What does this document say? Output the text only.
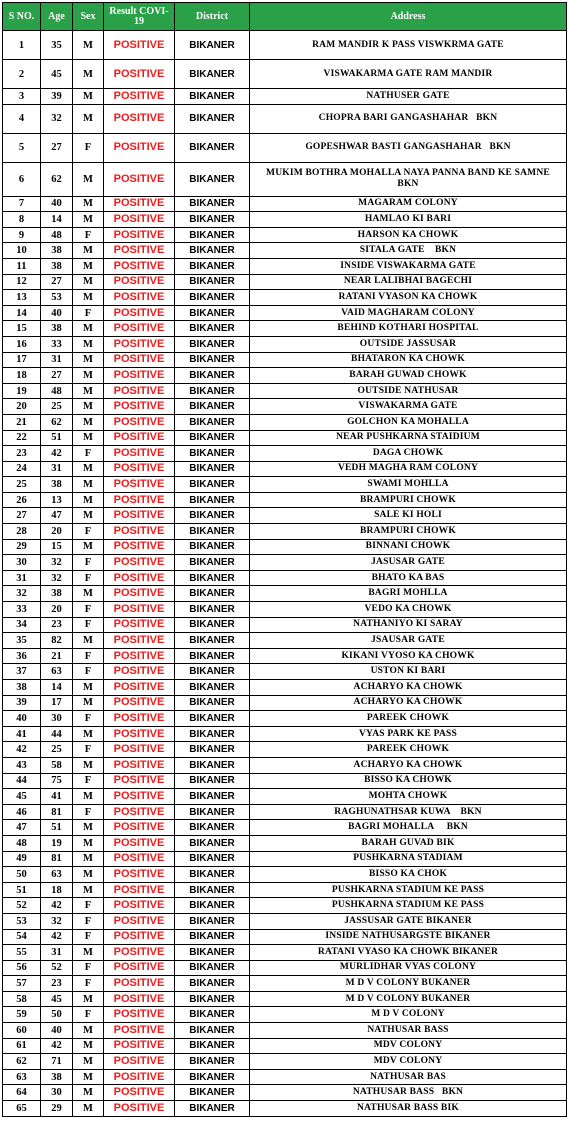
S NO.	Age	Sex	Result COVI-19	District	Address
1	35	M	POSITIVE	BIKANER	RAM MANDIR K PASS VISWKRMA GATE
2	45	M	POSITIVE	BIKANER	VISWAKARMA GATE RAM MANDIR
3	39	M	POSITIVE	BIKANER	NATHUSER GATE
4	32	M	POSITIVE	BIKANER	CHOPRA BARI GANGASHAHAR   BKN
5	27	F	POSITIVE	BIKANER	GOPESHWAR BASTI GANGASHAHAR   BKN
6	62	M	POSITIVE	BIKANER	MUKIM BOTHRA MOHALLA NAYA PANNA BAND KE SAMNE    BKN
7	40	M	POSITIVE	BIKANER	MAGARAM COLONY
8	14	M	POSITIVE	BIKANER	HAMLAO KI BARI
9	48	F	POSITIVE	BIKANER	HARSON KA CHOWK
10	38	M	POSITIVE	BIKANER	SITALA GATE    BKN
11	38	M	POSITIVE	BIKANER	INSIDE VISWAKARMA GATE
12	27	M	POSITIVE	BIKANER	NEAR LALIBHAI BAGECHI
13	53	M	POSITIVE	BIKANER	RATANI VYASON KA CHOWK
14	40	F	POSITIVE	BIKANER	VAID MAGHARAM COLONY
15	38	M	POSITIVE	BIKANER	BEHIND KOTHARI HOSPITAL
16	33	M	POSITIVE	BIKANER	OUTSIDE JASSUSAR
17	31	M	POSITIVE	BIKANER	BHATARON KA CHOWK
18	27	M	POSITIVE	BIKANER	BARAH GUWAD CHOWK
19	48	M	POSITIVE	BIKANER	OUTSIDE NATHUSAR
20	25	M	POSITIVE	BIKANER	VISWAKARMA GATE
21	62	M	POSITIVE	BIKANER	GOLCHON KA MOHALLA
22	51	M	POSITIVE	BIKANER	NEAR PUSHKARNA STAIDIUM
23	42	F	POSITIVE	BIKANER	DAGA CHOWK
24	31	M	POSITIVE	BIKANER	VEDH MAGHA RAM COLONY
25	38	M	POSITIVE	BIKANER	SWAMI MOHLLA
26	13	M	POSITIVE	BIKANER	BRAMPURI CHOWK
27	47	M	POSITIVE	BIKANER	SALE KI HOLI
28	20	F	POSITIVE	BIKANER	BRAMPURI CHOWK
29	15	M	POSITIVE	BIKANER	BINNANI CHOWK
30	32	F	POSITIVE	BIKANER	JASUSAR GATE
31	32	F	POSITIVE	BIKANER	BHATO KA BAS
32	38	M	POSITIVE	BIKANER	BAGRI MOHLLA
33	20	F	POSITIVE	BIKANER	VEDO KA CHOWK
34	23	F	POSITIVE	BIKANER	NATHANIYO KI SARAY
35	82	M	POSITIVE	BIKANER	JSAUSAR GATE
36	21	F	POSITIVE	BIKANER	KIKANI VYOSO KA CHOWK
37	63	F	POSITIVE	BIKANER	USTON KI BARI
38	14	M	POSITIVE	BIKANER	ACHARYO KA CHOWK
39	17	M	POSITIVE	BIKANER	ACHARYO KA CHOWK
40	30	F	POSITIVE	BIKANER	PAREEK CHOWK
41	44	M	POSITIVE	BIKANER	VYAS PARK KE PASS
42	25	F	POSITIVE	BIKANER	PAREEK CHOWK
43	58	M	POSITIVE	BIKANER	ACHARYO KA CHOWK
44	75	F	POSITIVE	BIKANER	BISSO KA CHOWK
45	41	M	POSITIVE	BIKANER	MOHTA CHOWK
46	81	F	POSITIVE	BIKANER	RAGHUNATHSAR KUWA    BKN
47	51	M	POSITIVE	BIKANER	BAGRI MOHALLA     BKN
48	19	M	POSITIVE	BIKANER	BARAH GUVAD BIK
49	81	M	POSITIVE	BIKANER	PUSHKARNA STADIAM
50	63	M	POSITIVE	BIKANER	BISSO KA CHOK
51	18	M	POSITIVE	BIKANER	PUSHKARNA STADIUM KE PASS
52	42	F	POSITIVE	BIKANER	PUSHKARNA STADIUM KE PASS
53	32	F	POSITIVE	BIKANER	JASSUSAR GATE BIKANER
54	42	F	POSITIVE	BIKANER	INSIDE NATHUSARGSTE BIKANER
55	31	M	POSITIVE	BIKANER	RATANI VYASO KA CHOWK BIKANER
56	52	F	POSITIVE	BIKANER	MURLIDHAR VYAS COLONY
57	23	F	POSITIVE	BIKANER	M D V COLONY BUKANER
58	45	M	POSITIVE	BIKANER	M D V COLONY BUKANER
59	50	F	POSITIVE	BIKANER	M D V COLONY
60	40	M	POSITIVE	BIKANER	NATHUSAR BASS
61	42	M	POSITIVE	BIKANER	MDV COLONY
62	71	M	POSITIVE	BIKANER	MDV COLONY
63	38	M	POSITIVE	BIKANER	NATHUSAR BAS
64	30	M	POSITIVE	BIKANER	NATHUSAR BASS   BKN
65	29	M	POSITIVE	BIKANER	NATHUSAR BASS BIK
